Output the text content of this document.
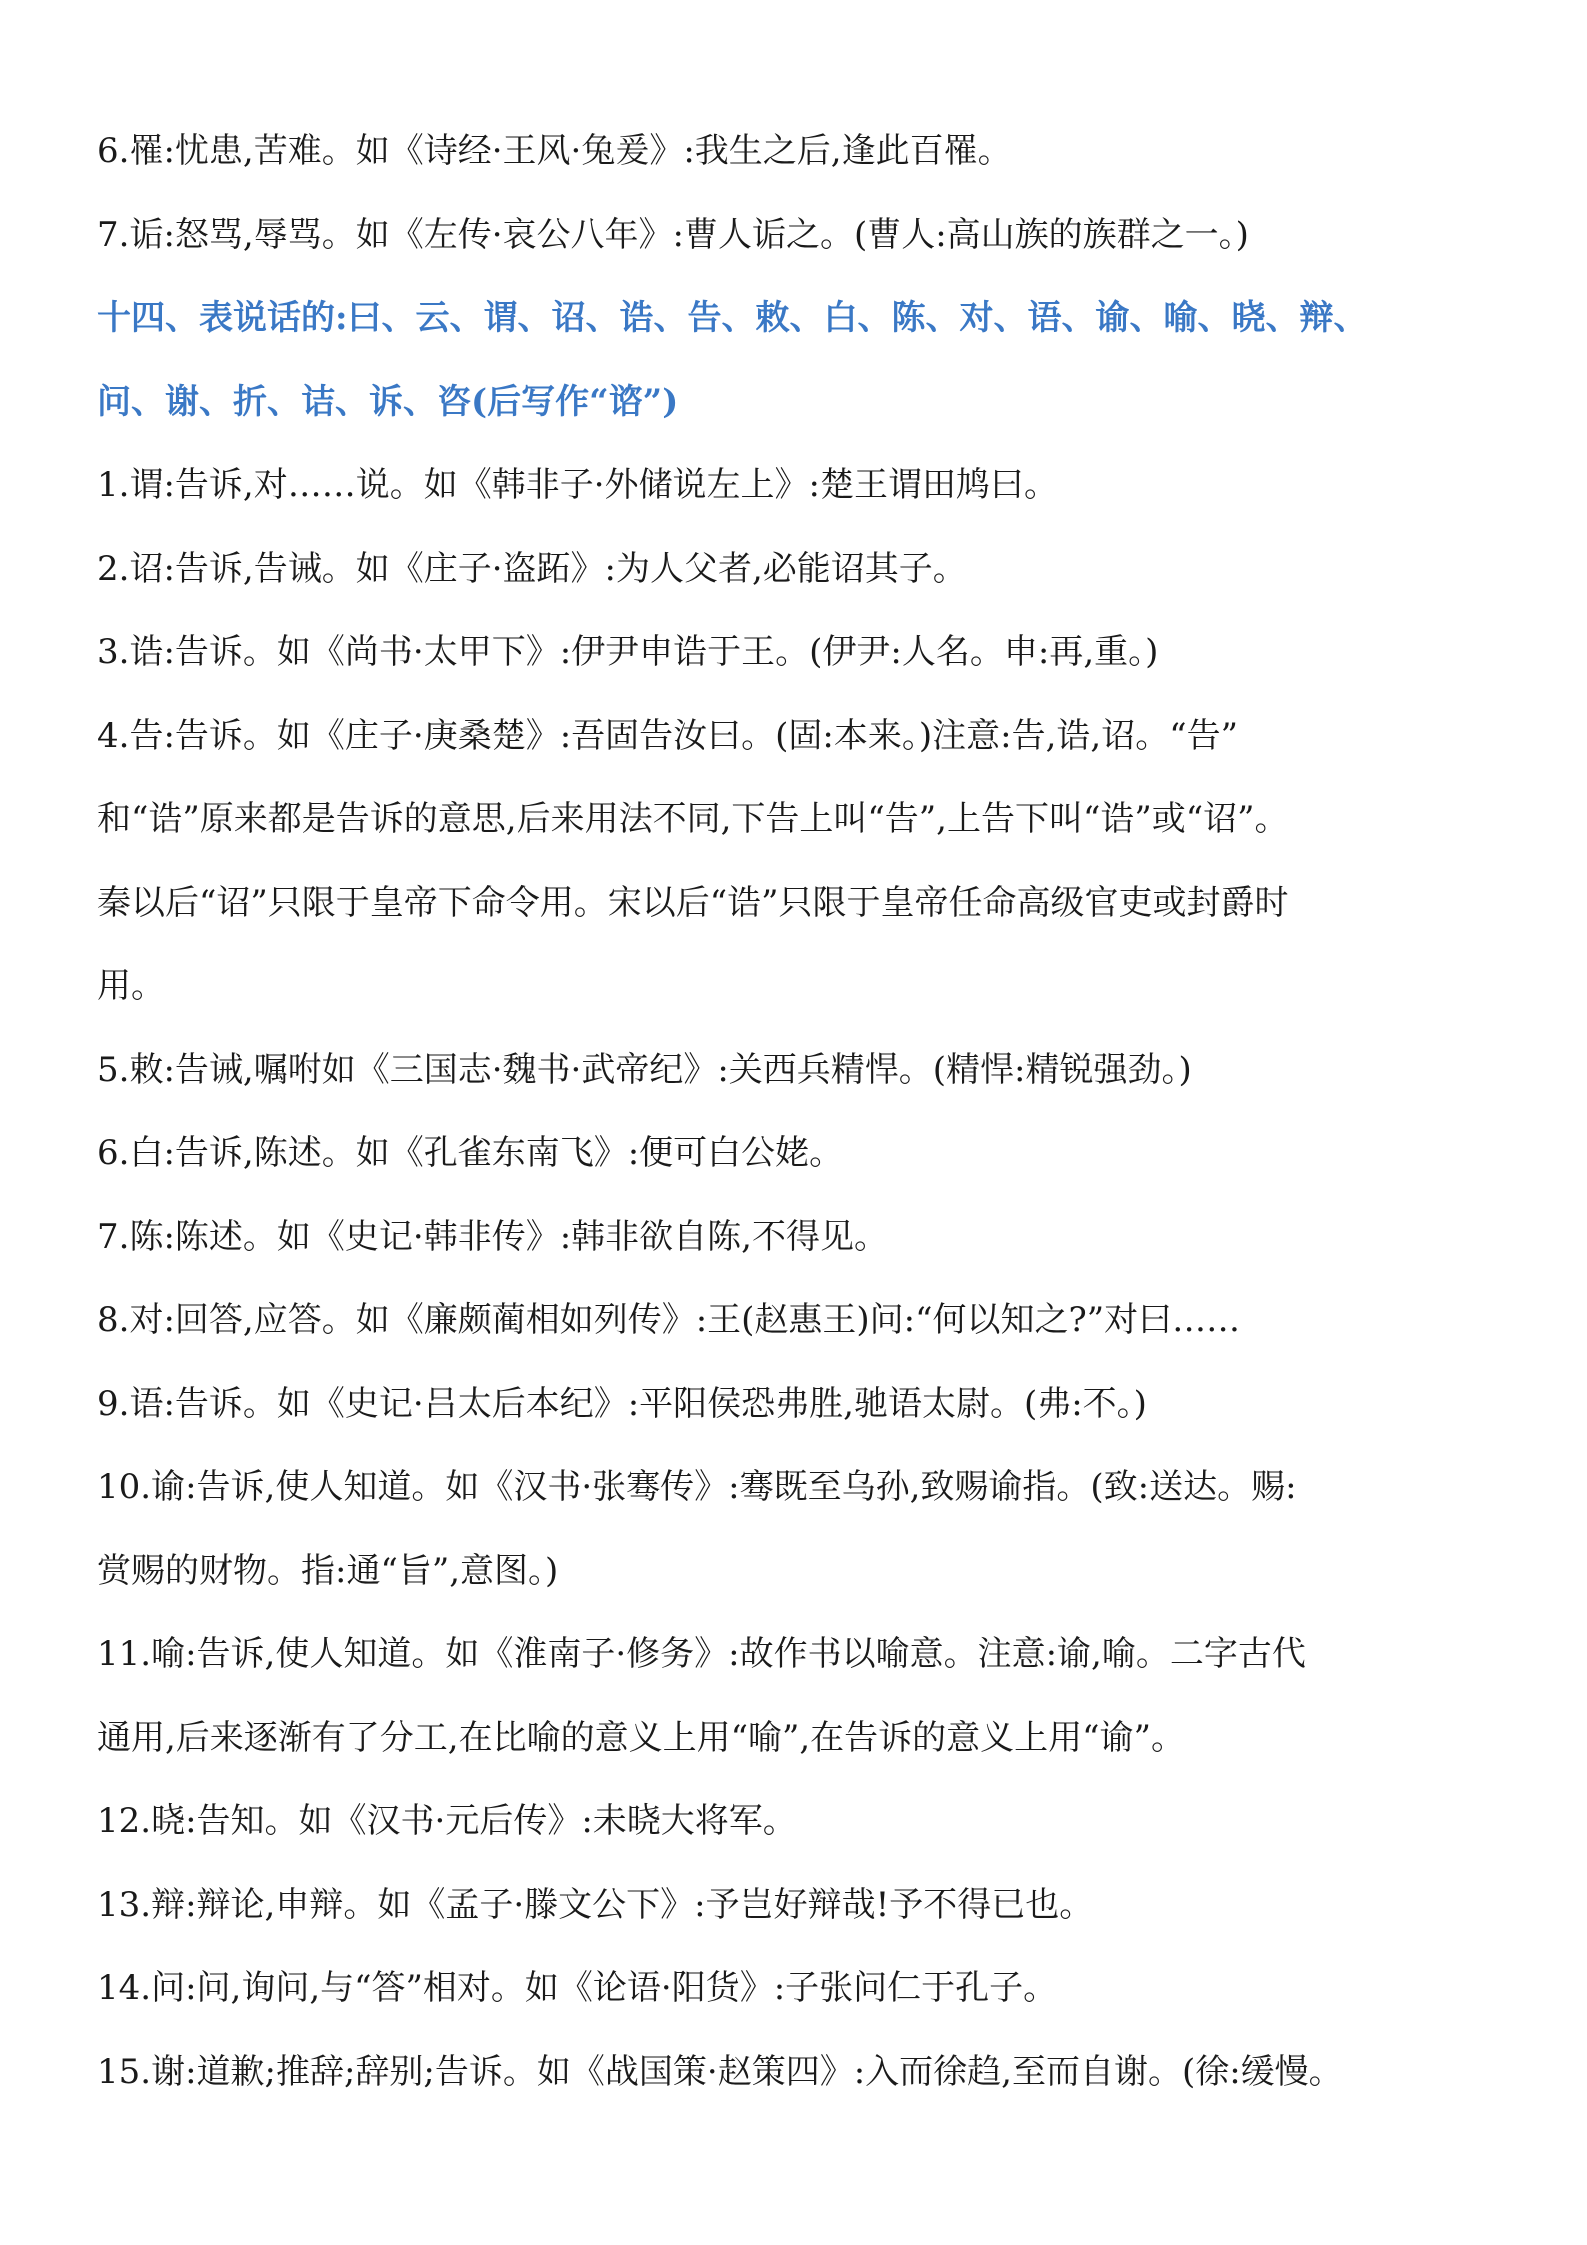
6.罹:忧患,苦难。如《诗经·王风·兔爰》:我生之后,逢此百罹。
7.诟:怒骂,辱骂。如《左传·哀公八年》:曹人诟之。(曹人:高山族的族群之一。)
十四、表说话的:曰、云、谓、诏、诰、告、敕、白、陈、对、语、谕、喻、晓、辩、
问、谢、折、诘、诉、咨(后写作“谘”)
1.谓:告诉,对……说。如《韩非子·外储说左上》:楚王谓田鸠曰。
2.诏:告诉,告诫。如《庄子·盗跖》:为人父者,必能诏其子。
3.诰:告诉。如《尚书·太甲下》:伊尹申诰于王。(伊尹:人名。申:再,重。)
4.告:告诉。如《庄子·庚桑楚》:吾固告汝曰。(固:本来。)注意:告,诰,诏。“告”
和“诰”原来都是告诉的意思,后来用法不同,下告上叫“告”,上告下叫“诰”或“诏”。
秦以后“诏”只限于皇帝下命令用。宋以后“诰”只限于皇帝任命高级官吏或封爵时
用。
5.敕:告诫,嘱咐如《三国志·魏书·武帝纪》:关西兵精悍。(精悍:精锐强劲。)
6.白:告诉,陈述。如《孔雀东南飞》:便可白公姥。
7.陈:陈述。如《史记·韩非传》:韩非欲自陈,不得见。
8.对:回答,应答。如《廉颇蔺相如列传》:王(赵惠王)问:“何以知之?”对曰……
9.语:告诉。如《史记·吕太后本纪》:平阳侯恐弗胜,驰语太尉。(弗:不。)
10.谕:告诉,使人知道。如《汉书·张骞传》:骞既至乌孙,致赐谕指。(致:送达。赐:
赏赐的财物。指:通“旨”,意图。)
11.喻:告诉,使人知道。如《淮南子·修务》:故作书以喻意。注意:谕,喻。二字古代
通用,后来逐渐有了分工,在比喻的意义上用“喻”,在告诉的意义上用“谕”。
12.晓:告知。如《汉书·元后传》:未晓大将军。
13.辩:辩论,申辩。如《孟子·滕文公下》:予岂好辩哉!予不得已也。
14.问:问,询问,与“答”相对。如《论语·阳货》:子张问仁于孔子。
15.谢:道歉;推辞;辞别;告诉。如《战国策·赵策四》:入而徐趋,至而自谢。(徐:缓慢。
